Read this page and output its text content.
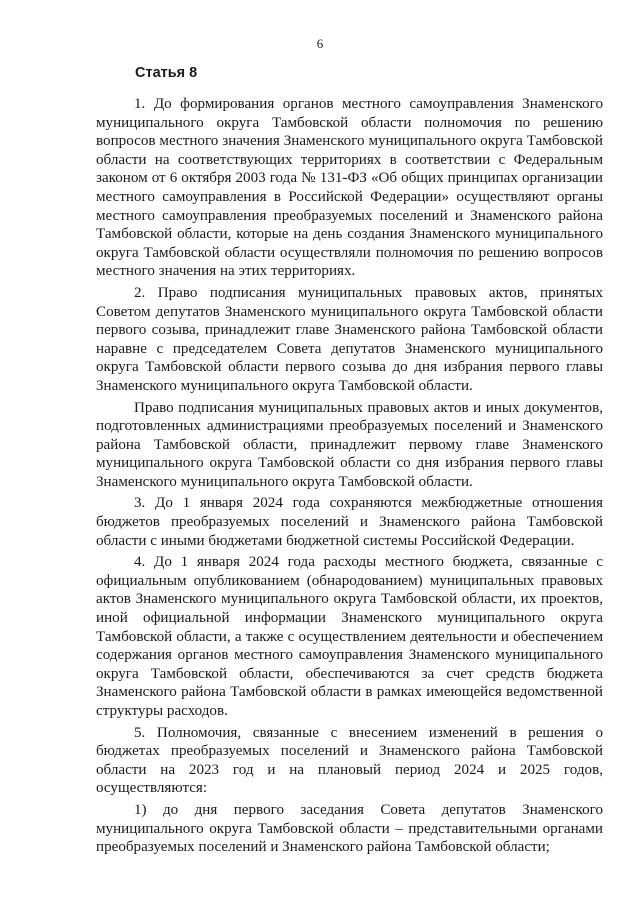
6
Статья 8

1. До формирования органов местного самоуправления Знаменского муниципального округа Тамбовской области полномочия по решению вопросов местного значения Знаменского муниципального округа Тамбовской области на соответствующих территориях в соответствии с Федеральным законом от 6 октября 2003 года № 131-ФЗ «Об общих принципах организации местного самоуправления в Российской Федерации» осуществляют органы местного самоуправления преобразуемых поселений и Знаменского района Тамбовской области, которые на день создания Знаменского муниципального округа Тамбовской области осуществляли полномочия по решению вопросов местного значения на этих территориях.

2. Право подписания муниципальных правовых актов, принятых Советом депутатов Знаменского муниципального округа Тамбовской области первого созыва, принадлежит главе Знаменского района Тамбовской области наравне с председателем Совета депутатов Знаменского муниципального округа Тамбовской области первого созыва до дня избрания первого главы Знаменского муниципального округа Тамбовской области.

Право подписания муниципальных правовых актов и иных документов, подготовленных администрациями преобразуемых поселений и Знаменского района Тамбовской области, принадлежит первому главе Знаменского муниципального округа Тамбовской области со дня избрания первого главы Знаменского муниципального округа Тамбовской области.

3. До 1 января 2024 года сохраняются межбюджетные отношения бюджетов преобразуемых поселений и Знаменского района Тамбовской области с иными бюджетами бюджетной системы Российской Федерации.

4. До 1 января 2024 года расходы местного бюджета, связанные с официальным опубликованием (обнародованием) муниципальных правовых актов Знаменского муниципального округа Тамбовской области, их проектов, иной официальной информации Знаменского муниципального округа Тамбовской области, а также с осуществлением деятельности и обеспечением содержания органов местного самоуправления Знаменского муниципального округа Тамбовской области, обеспечиваются за счет средств бюджета Знаменского района Тамбовской области в рамках имеющейся ведомственной структуры расходов.

5. Полномочия, связанные с внесением изменений в решения о бюджетах преобразуемых поселений и Знаменского района Тамбовской области на 2023 год и на плановый период 2024 и 2025 годов, осуществляются:

1) до дня первого заседания Совета депутатов Знаменского муниципального округа Тамбовской области – представительными органами преобразуемых поселений и Знаменского района Тамбовской области;
